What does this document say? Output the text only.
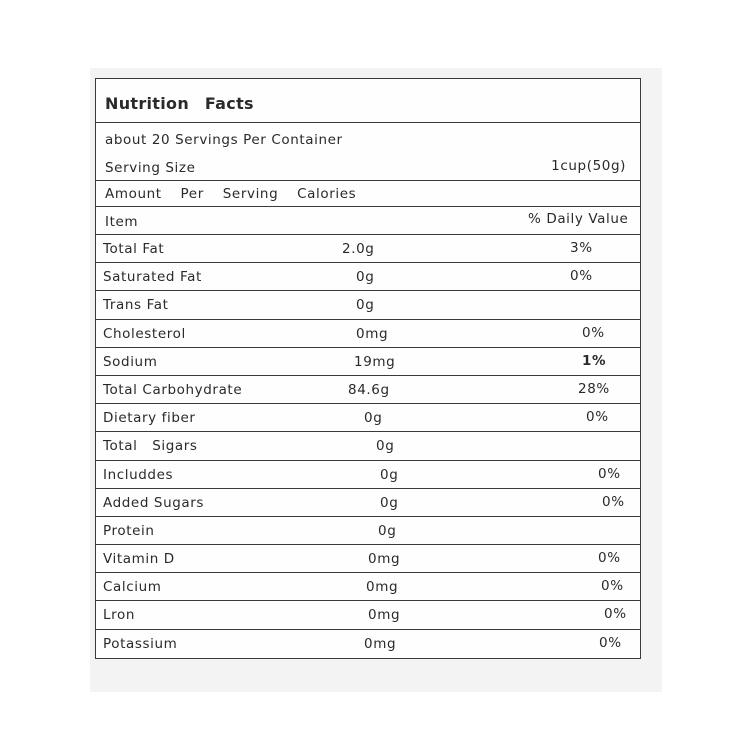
Nutrition Facts
about 20 Servings Per Container
Serving Size	1cup(50g)
Amount Per Serving Calories
Item	% Daily Value
Total Fat	2.0g	3%
Saturated Fat	0g	0%
Trans Fat	0g
Cholesterol	0mg	0%
Sodium	19mg	1%
Total Carbohydrate	84.6g	28%
Dietary fiber	0g	0%
Total   Sigars	0g
Includdes	0g	0%
Added Sugars	0g	0%
Protein	0g
Vitamin D	0mg	0%
Calcium	0mg	0%
Lron	0mg	0%
Potassium	0mg	0%
